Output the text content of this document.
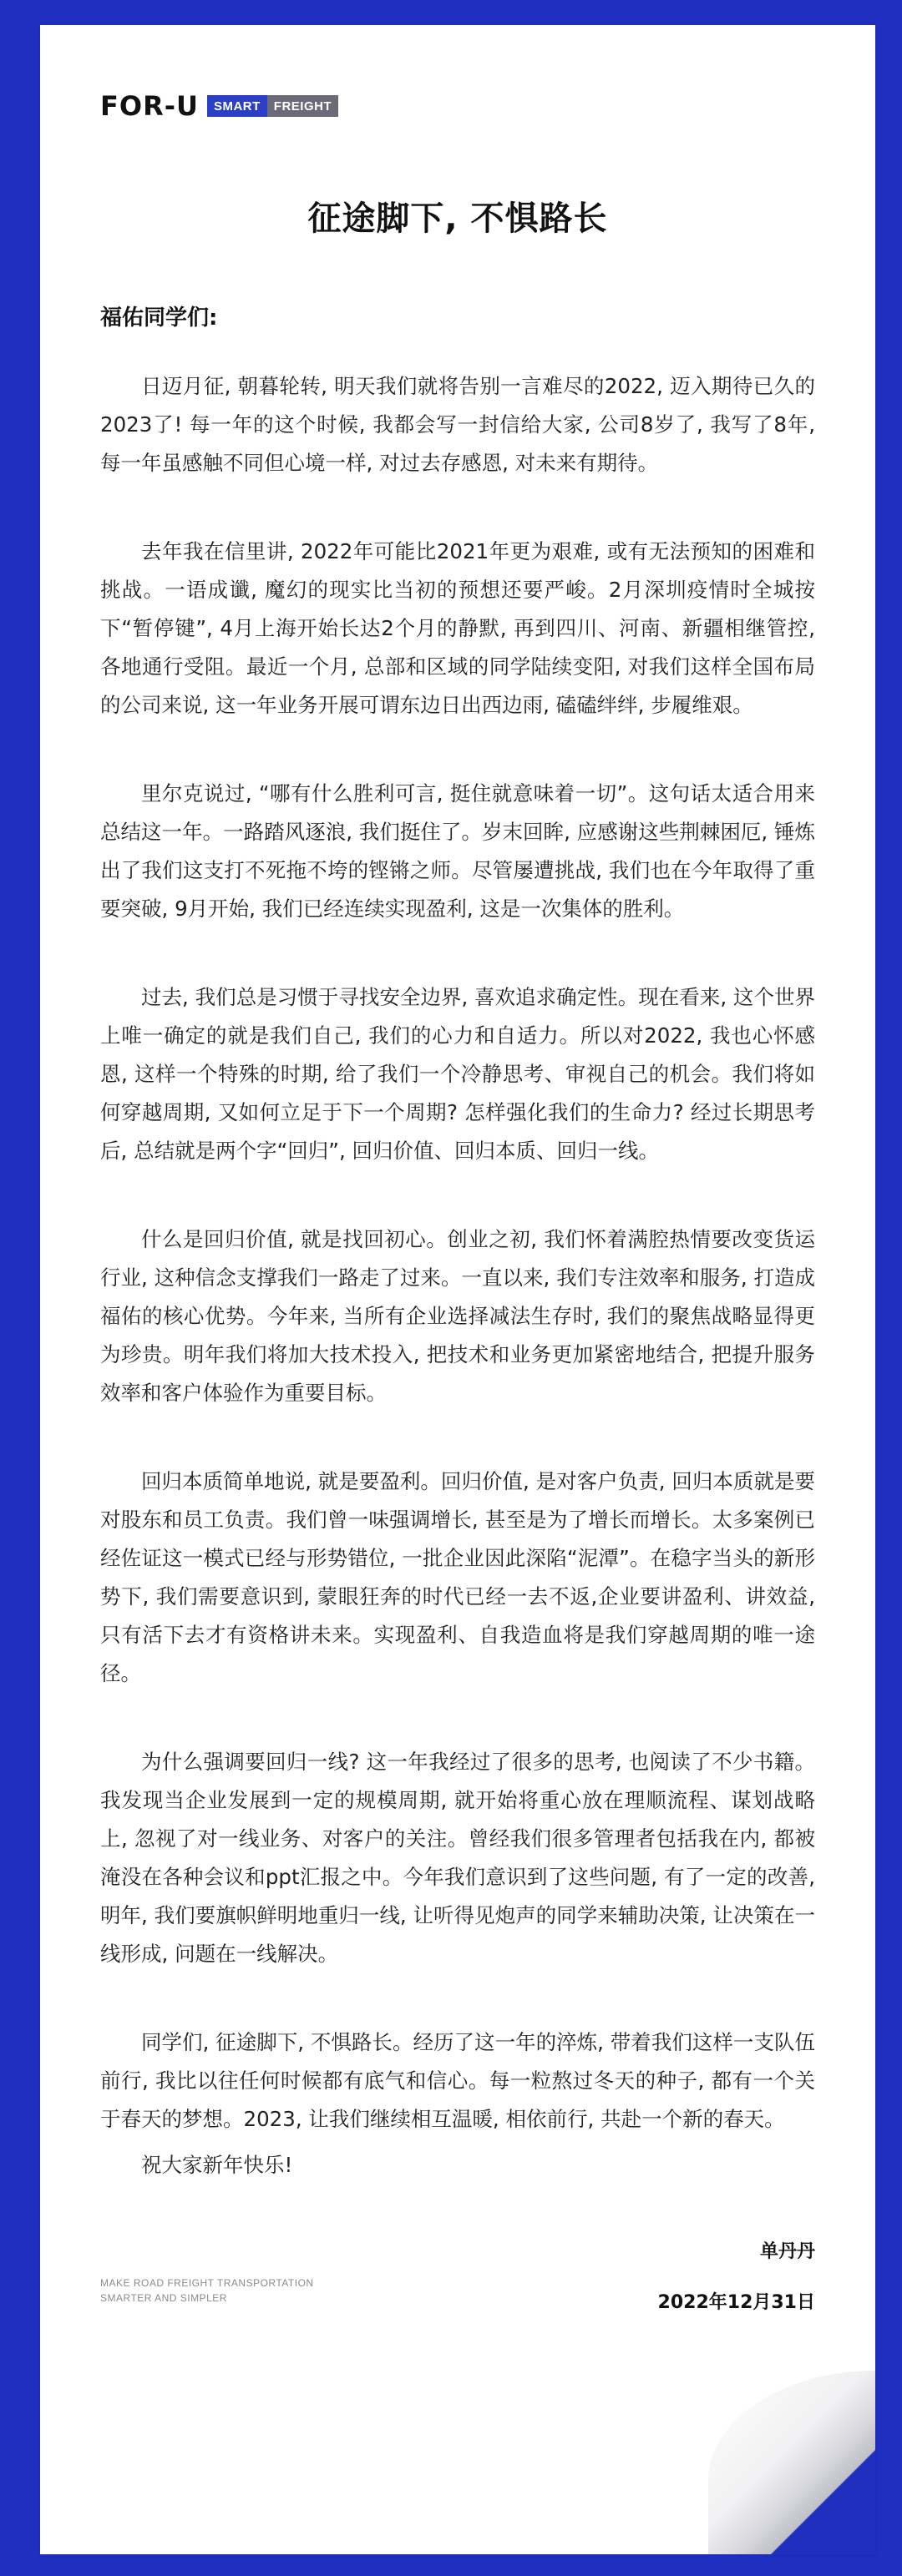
FOR-U	SMART	FREIGHT
征途脚下, 不惧路长
福佑同学们:

日迈月征, 朝暮轮转, 明天我们就将告别一言难尽的2022, 迈入期待已久的2023了! 每一年的这个时候, 我都会写一封信给大家, 公司8岁了, 我写了8年, 每一年虽感触不同但心境一样, 对过去存感恩, 对未来有期待。

去年我在信里讲, 2022年可能比2021年更为艰难, 或有无法预知的困难和挑战。一语成谶, 魔幻的现实比当初的预想还要严峻。2月深圳疫情时全城按下“暂停键”, 4月上海开始长达2个月的静默, 再到四川、河南、新疆相继管控, 各地通行受阻。最近一个月, 总部和区域的同学陆续变阳, 对我们这样全国布局的公司来说, 这一年业务开展可谓东边日出西边雨, 磕磕绊绊, 步履维艰。

里尔克说过, “哪有什么胜利可言, 挺住就意味着一切”。这句话太适合用来总结这一年。一路踏风逐浪, 我们挺住了。岁末回眸, 应感谢这些荆棘困厄, 锤炼出了我们这支打不死拖不垮的铿锵之师。尽管屡遭挑战, 我们也在今年取得了重要突破, 9月开始, 我们已经连续实现盈利, 这是一次集体的胜利。

过去, 我们总是习惯于寻找安全边界, 喜欢追求确定性。现在看来, 这个世界上唯一确定的就是我们自己, 我们的心力和自适力。所以对2022, 我也心怀感恩, 这样一个特殊的时期, 给了我们一个冷静思考、审视自己的机会。我们将如何穿越周期, 又如何立足于下一个周期? 怎样强化我们的生命力? 经过长期思考后, 总结就是两个字“回归”, 回归价值、回归本质、回归一线。

什么是回归价值, 就是找回初心。创业之初, 我们怀着满腔热情要改变货运行业, 这种信念支撑我们一路走了过来。一直以来, 我们专注效率和服务, 打造成福佑的核心优势。今年来, 当所有企业选择减法生存时, 我们的聚焦战略显得更为珍贵。明年我们将加大技术投入, 把技术和业务更加紧密地结合, 把提升服务效率和客户体验作为重要目标。

回归本质简单地说, 就是要盈利。回归价值, 是对客户负责, 回归本质就是要对股东和员工负责。我们曾一味强调增长, 甚至是为了增长而增长。太多案例已经佐证这一模式已经与形势错位, 一批企业因此深陷“泥潭”。在稳字当头的新形势下, 我们需要意识到, 蒙眼狂奔的时代已经一去不返,企业要讲盈利、讲效益, 只有活下去才有资格讲未来。实现盈利、自我造血将是我们穿越周期的唯一途径。

为什么强调要回归一线? 这一年我经过了很多的思考, 也阅读了不少书籍。我发现当企业发展到一定的规模周期, 就开始将重心放在理顺流程、谋划战略上, 忽视了对一线业务、对客户的关注。曾经我们很多管理者包括我在内, 都被淹没在各种会议和ppt汇报之中。今年我们意识到了这些问题, 有了一定的改善, 明年, 我们要旗帜鲜明地重归一线, 让听得见炮声的同学来辅助决策, 让决策在一线形成, 问题在一线解决。

同学们, 征途脚下, 不惧路长。经历了这一年的淬炼, 带着我们这样一支队伍前行, 我比以往任何时候都有底气和信心。每一粒熬过冬天的种子, 都有一个关于春天的梦想。2023, 让我们继续相互温暖, 相依前行, 共赴一个新的春天。

祝大家新年快乐!
单丹丹
2022年12月31日
MAKE ROAD FREIGHT TRANSPORTATION
SMARTER AND SIMPLER
